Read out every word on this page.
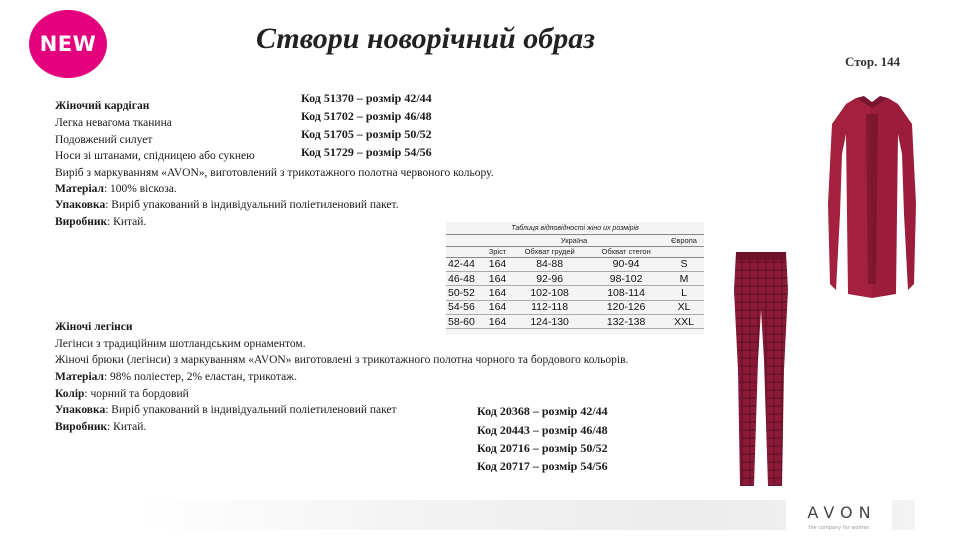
NEW	Створи новорічний образ
Стор. 144
Код 51370 – розмір 42/44
Жіночий кардіган
Код 51702 – розмір 46/48
Легка невагома тканина
Код 51705 – розмір 50/52
Подовжений силует
Код 51729 – розмір 54/56
Носи зі штанами, спідницею або сукнею
Виріб з маркуванням «AVON», виготовлений з трикотажного полотна червоного кольору.
Матеріал: 100% віскоза.
Упаковка: Виріб упакований в індивідуальний поліетиленовий пакет.
Виробник: Китай.
Таблиця відповідності жіно их розмірів
	Україна			Європа
	Зріст	Обхват грудей	Обхват стегон	
42-44	164	84-88	90-94	S
46-48	164	92-96	98-102	M
50-52	164	102-108	108-114	L
54-56	164	112-118	120-126	XL
58-60	164	124-130	132-138	XXL
Жіночі легінси
Легінси з традиційним шотландським орнаментом.
Жіночі брюки (легінси) з маркуванням «AVON» виготовлені з трикотажного полотна чорного та бордового кольорів.
Матеріал: 98% поліестер, 2% еластан, трикотаж.
Колір: чорний та бордовий
Упаковка: Виріб упакований в індивідуальний поліетиленовий пакет
Виробник: Китай.
Код 20368 – розмір 42/44
Код 20443 – розмір 46/48
Код 20716 – розмір 50/52
Код 20717 – розмір 54/56
AVON
the company for women
